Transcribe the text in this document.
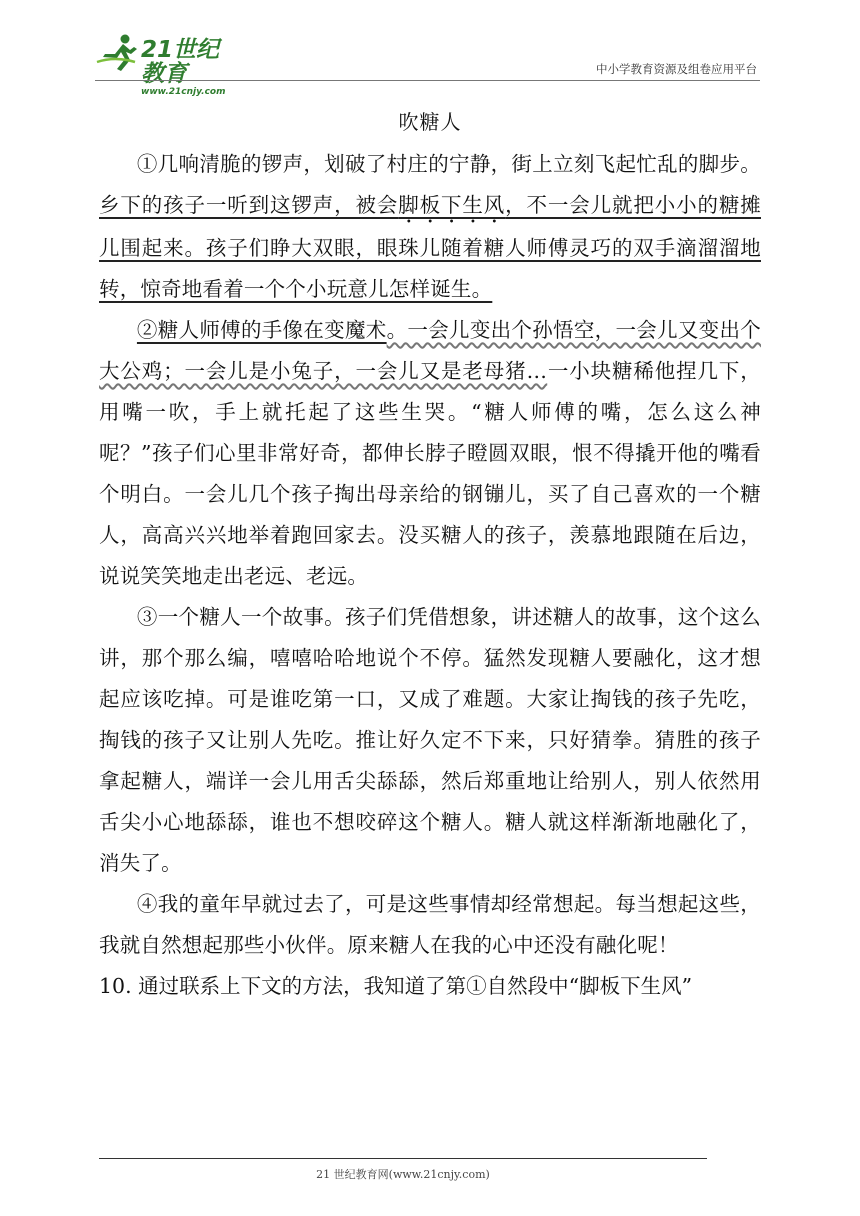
21世纪教育
www.21cnjy.com
中小学教育资源及组卷应用平台
吹糖人

①几响清脆的锣声，划破了村庄的宁静，街上立刻飞起忙乱的脚步。乡下的孩子一听到这锣声，被会脚板下生风，不一会儿就把小小的糖摊儿围起来。孩子们睁大双眼，眼珠儿随着糖人师傅灵巧的双手滴溜溜地转，惊奇地看着一个个小玩意儿怎样诞生。

②糖人师傅的手像在变魔术。一会儿变出个孙悟空，一会儿又变出个大公鸡；一会儿是小兔子，一会儿又是老母猪…一小块糖稀他捏几下，用嘴一吹，手上就托起了这些生哭。“糖人师傅的嘴，怎么这么神呢？”孩子们心里非常好奇，都伸长脖子瞪圆双眼，恨不得撬开他的嘴看个明白。一会儿几个孩子掏出母亲给的钢镚儿，买了自己喜欢的一个糖人，高高兴兴地举着跑回家去。没买糖人的孩子，羡慕地跟随在后边，说说笑笑地走出老远、老远。

③一个糖人一个故事。孩子们凭借想象，讲述糖人的故事，这个这么讲，那个那么编，嘻嘻哈哈地说个不停。猛然发现糖人要融化，这才想起应该吃掉。可是谁吃第一口，又成了难题。大家让掏钱的孩子先吃，掏钱的孩子又让别人先吃。推让好久定不下来，只好猜拳。猜胜的孩子拿起糖人，端详一会儿用舌尖舔舔，然后郑重地让给别人，别人依然用舌尖小心地舔舔，谁也不想咬碎这个糖人。糖人就这样渐渐地融化了，消失了。

④我的童年早就过去了，可是这些事情却经常想起。每当想起这些，我就自然想起那些小伙伴。原来糖人在我的心中还没有融化呢！

10. 通过联系上下文的方法，我知道了第①自然段中“脚板下生风”

21 世纪教育网(www.21cnjy.com)
